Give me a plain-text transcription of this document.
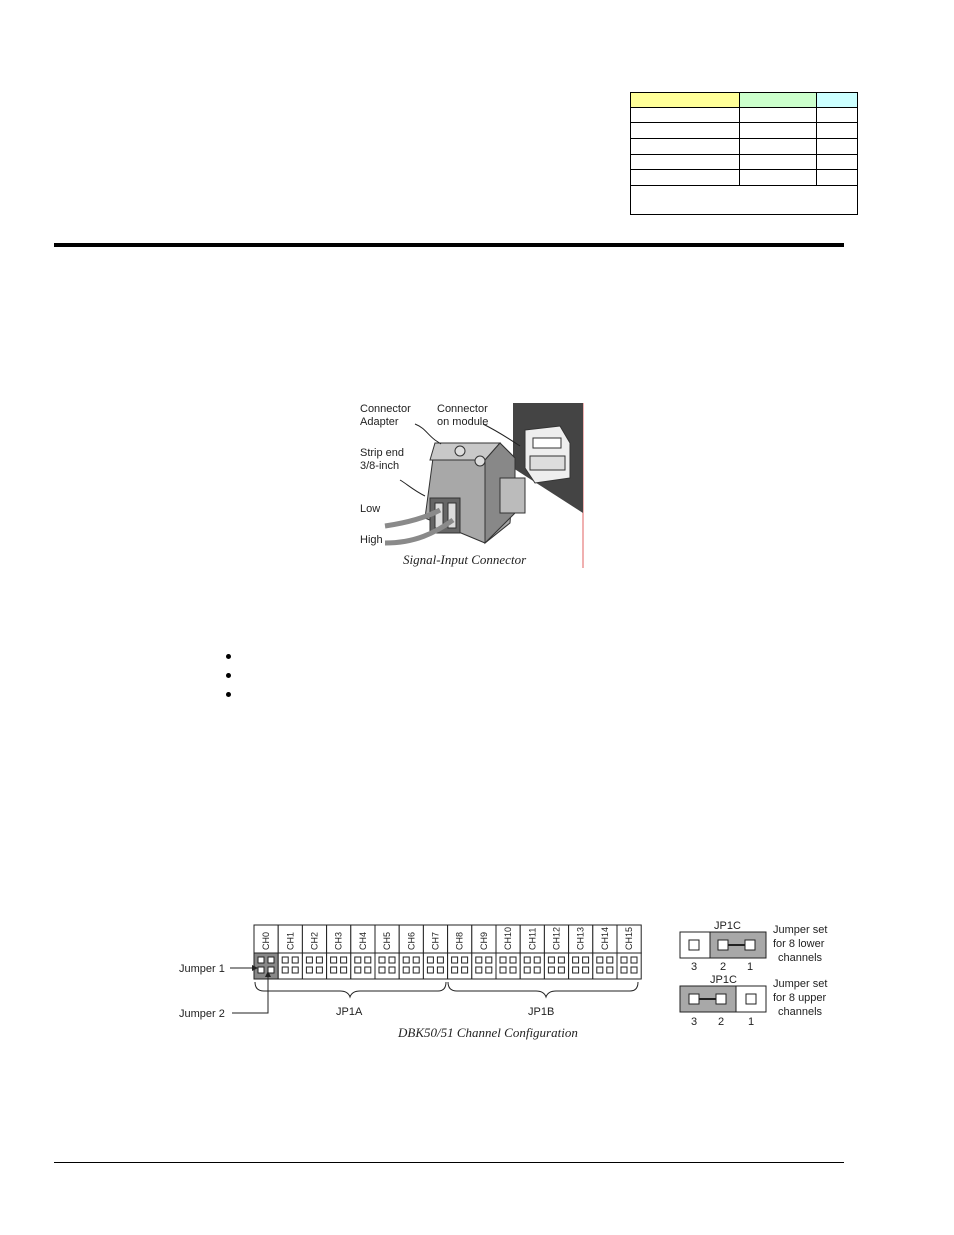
Connector
Adapter
Connector
on module
Strip end
3/8-inch
Low
High
Signal-Input Connector
CH0 CH1 CH2 CH3 CH4 CH5 CH6 CH7 CH8 CH9 CH10 CH11 CH12 CH13 CH14 CH15
Jumper 1
Jumper 2	JP1A	JP1B
DBK50/51 Channel Configuration
JP1C
3 2 1
Jumper set
for 8 lower
channels
JP1C
3 2 1
Jumper set
for 8 upper
channels
